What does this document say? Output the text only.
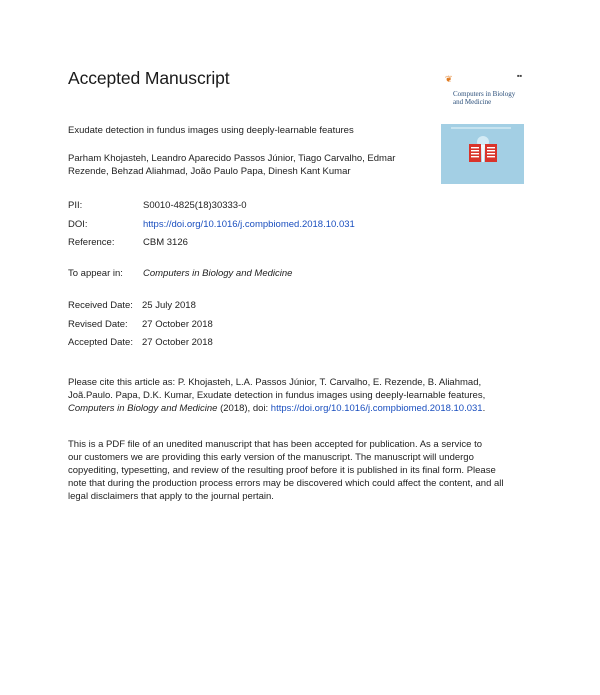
Accepted Manuscript
Exudate detection in fundus images using deeply-learnable features
Parham Khojasteh, Leandro Aparecido Passos Júnior, Tiago Carvalho, Edmar
Rezende, Behzad Aliahmad, João Paulo Papa, Dinesh Kant Kumar
❦	■■
Computers in Biology
and Medicine
PII:	S0010-4825(18)30333-0
DOI:	https://doi.org/10.1016/j.compbiomed.2018.10.031
Reference:	CBM 3126
To appear in: Computers in Biology and Medicine
Received Date: 25 July 2018
Revised Date: 27 October 2018
Accepted Date: 27 October 2018
Please cite this article as: P. Khojasteh, L.A. Passos Júnior, T. Carvalho, E. Rezende, B. Aliahmad,
Joã.Paulo. Papa, D.K. Kumar, Exudate detection in fundus images using deeply-learnable features,
Computers in Biology and Medicine (2018), doi: https://doi.org/10.1016/j.compbiomed.2018.10.031.
This is a PDF file of an unedited manuscript that has been accepted for publication. As a service to
our customers we are providing this early version of the manuscript. The manuscript will undergo
copyediting, typesetting, and review of the resulting proof before it is published in its final form. Please
note that during the production process errors may be discovered which could affect the content, and all
legal disclaimers that apply to the journal pertain.
